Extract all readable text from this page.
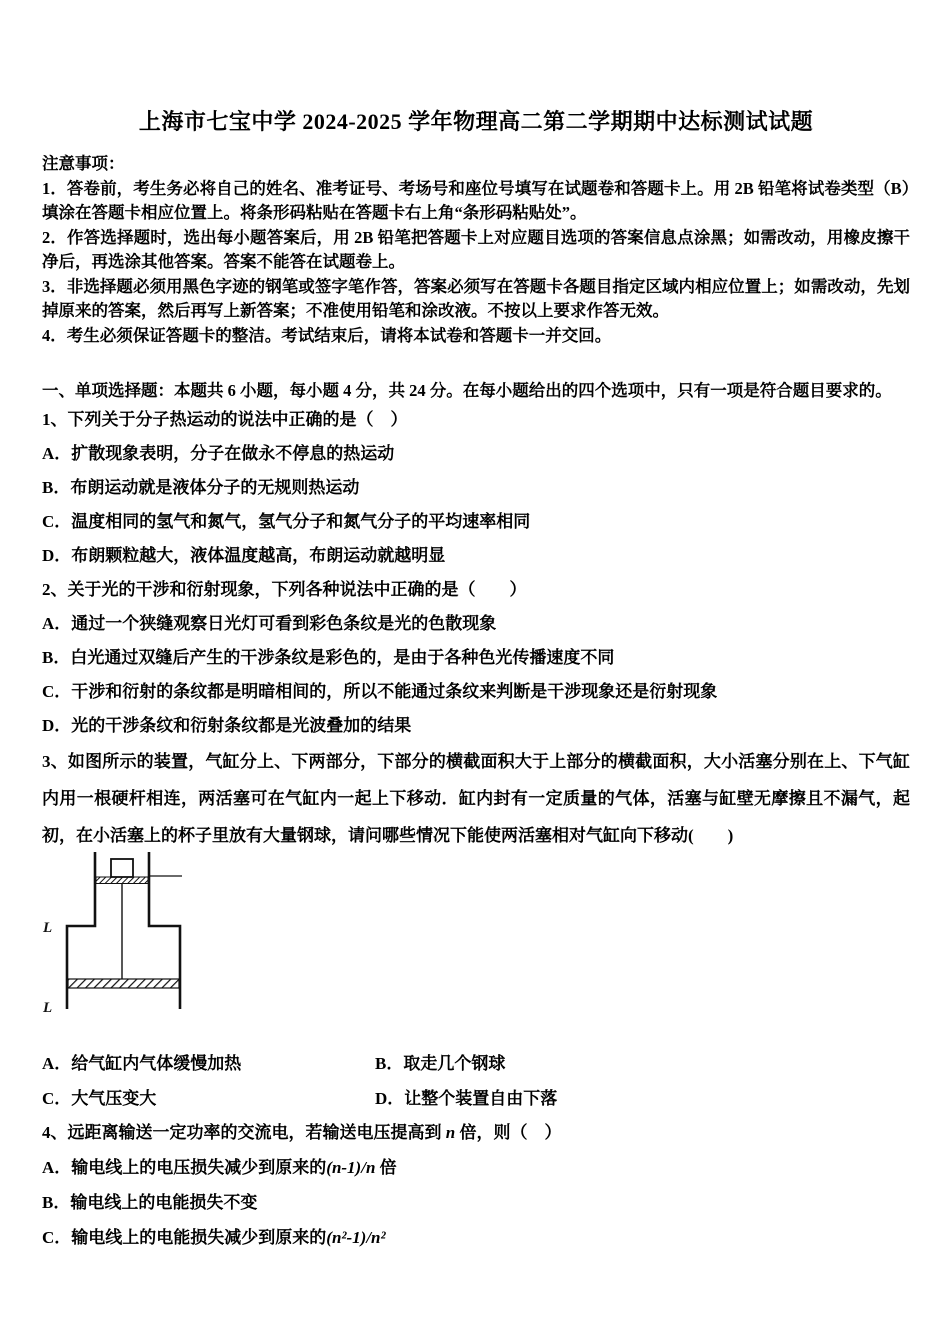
上海市七宝中学 2024-2025 学年物理高二第二学期期中达标测试试题

注意事项：

1．答卷前，考生务必将自己的姓名、准考证号、考场号和座位号填写在试题卷和答题卡上。用 2B 铅笔将试卷类型（B）填涂在答题卡相应位置上。将条形码粘贴在答题卡右上角“条形码粘贴处”。

2．作答选择题时，选出每小题答案后，用 2B 铅笔把答题卡上对应题目选项的答案信息点涂黑；如需改动，用橡皮擦干净后，再选涂其他答案。答案不能答在试题卷上。

3．非选择题必须用黑色字迹的钢笔或签字笔作答，答案必须写在答题卡各题目指定区域内相应位置上；如需改动，先划掉原来的答案，然后再写上新答案；不准使用铅笔和涂改液。不按以上要求作答无效。

4．考生必须保证答题卡的整洁。考试结束后，请将本试卷和答题卡一并交回。

一、单项选择题：本题共 6 小题，每小题 4 分，共 24 分。在每小题给出的四个选项中，只有一项是符合题目要求的。

1、下列关于分子热运动的说法中正确的是（　）

A．扩散现象表明，分子在做永不停息的热运动

B．布朗运动就是液体分子的无规则热运动

C．温度相同的氢气和氮气，氢气分子和氮气分子的平均速率相同

D．布朗颗粒越大，液体温度越高，布朗运动就越明显

2、关于光的干涉和衍射现象，下列各种说法中正确的是（　　）

A．通过一个狭缝观察日光灯可看到彩色条纹是光的色散现象

B．白光通过双缝后产生的干涉条纹是彩色的，是由于各种色光传播速度不同

C．干涉和衍射的条纹都是明暗相间的，所以不能通过条纹来判断是干涉现象还是衍射现象

D．光的干涉条纹和衍射条纹都是光波叠加的结果

3、如图所示的装置，气缸分上、下两部分，下部分的横截面积大于上部分的横截面积，大小活塞分别在上、下气缸内用一根硬杆相连，两活塞可在气缸内一起上下移动．缸内封有一定质量的气体，活塞与缸壁无摩擦且不漏气，起初，在小活塞上的杯子里放有大量钢球，请问哪些情况下能使两活塞相对气缸向下移动(　　)

L
L
A．给气缸内气体缓慢加热	B．取走几个钢球
C．大气压变大	D．让整个装置自由下落

4、远距离输送一定功率的交流电，若输送电压提高到 n 倍，则（　）

A．输电线上的电压损失减少到原来的(n-1)/n 倍

B．输电线上的电能损失不变

C．输电线上的电能损失减少到原来的(n²-1)/n²
